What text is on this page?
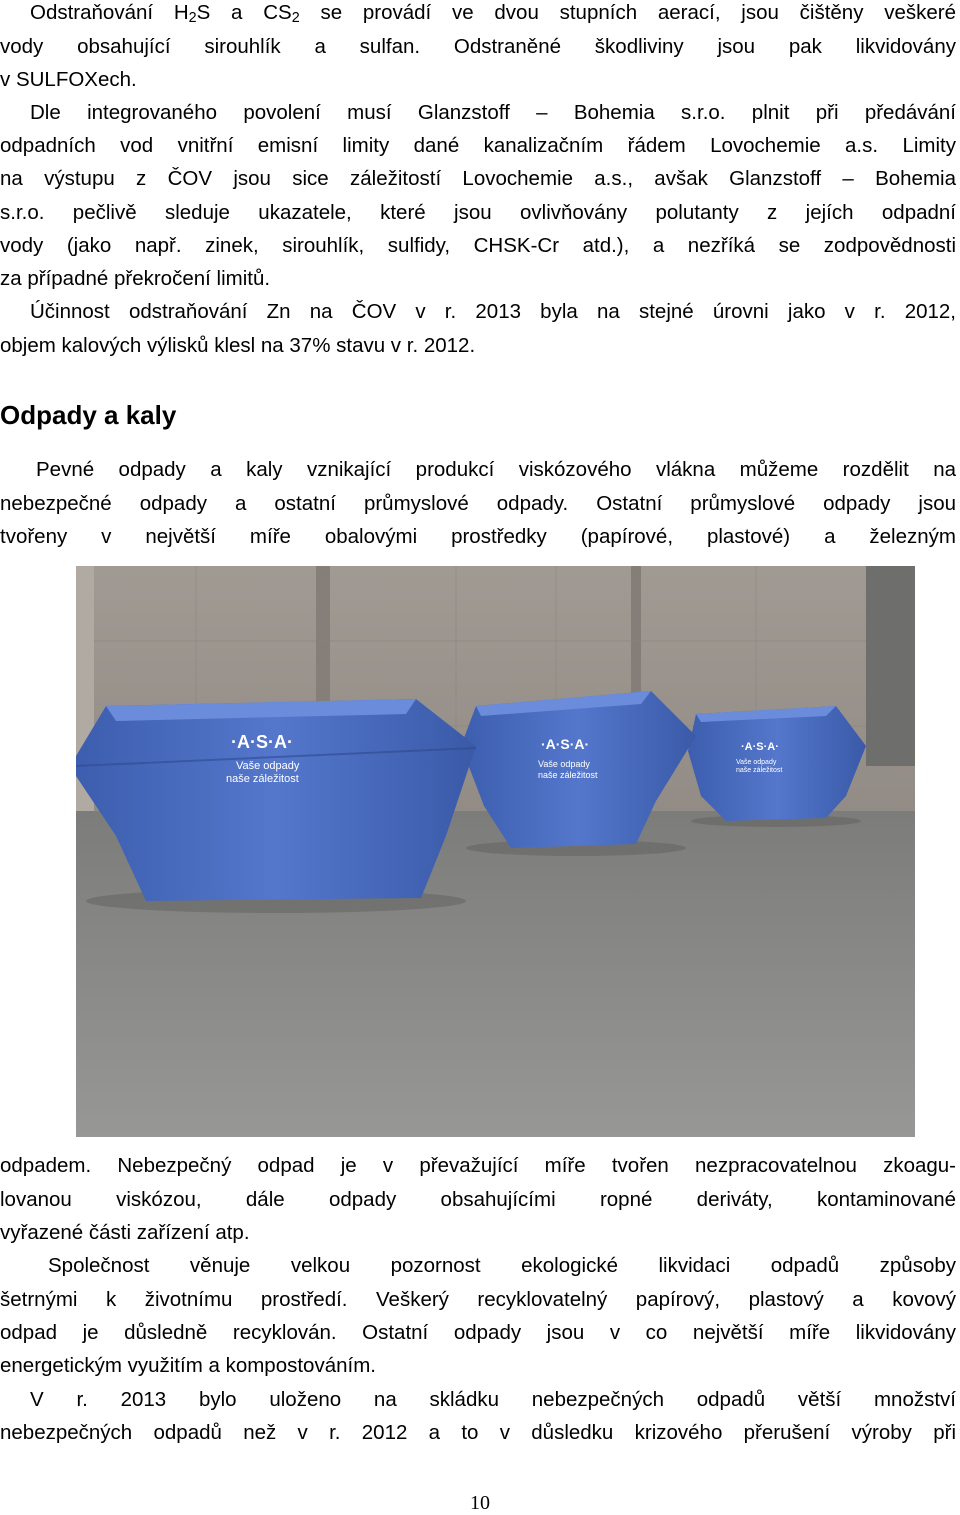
Odstraňování $H_2S$ a $CS_2$ se provádí ve dvou stupních aerací, jsou čištěny veškeré
vody obsahující sirouhlík a sulfan. Odstraněné škodliviny jsou pak likvidovány
v SULFOXech.
Dle integrovaného povolení musí Glanzstoff – Bohemia s.r.o. plnit při předávání
odpadních vod vnitřní emisní limity dané kanalizačním řádem Lovochemie a.s. Limity
na výstupu z ČOV jsou sice záležitostí Lovochemie a.s., avšak Glanzstoff – Bohemia
s.r.o. pečlivě sleduje ukazatele, které jsou ovlivňovány polutanty z jejích odpadní
vody (jako např. zinek, sirouhlík, sulfidy, CHSK-Cr atd.), a nezříká se zodpovědnosti
za případné překročení limitů.
Účinnost odstraňování Zn na ČOV v r. 2013 byla na stejné úrovni jako v r. 2012,
objem kalových výlisků klesl na 37% stavu v r. 2012.
Odpady a kaly
Pevné odpady a kaly vznikající produkcí viskózového vlákna můžeme rozdělit na
nebezpečné odpady a ostatní průmyslové odpady. Ostatní průmyslové odpady jsou
tvořeny v největší míře obalovými prostředky (papírové, plastové) a železným
·A·S·A·
Vaše odpady
naše záležitost
·A·S·A·
Vaše odpady
naše záležitost
·A·S·A·
Vaše odpady
naše záležitost
odpadem. Nebezpečný odpad je v převažující míře tvořen nezpracovatelnou zkoagu-
lovanou viskózou, dále odpady obsahujícími ropné deriváty, kontaminované
vyřazené části zařízení atp.
Společnost věnuje velkou pozornost ekologické likvidaci odpadů způsoby
šetrnými k životnímu prostředí. Veškerý recyklovatelný papírový, plastový a kovový
odpad je důsledně recyklován. Ostatní odpady jsou v co největší míře likvidovány
energetickým využitím a kompostováním.
V r. 2013 bylo uloženo na skládku nebezpečných odpadů větší množství
nebezpečných odpadů než v r. 2012 a to v důsledku krizového přerušení výroby při
10
